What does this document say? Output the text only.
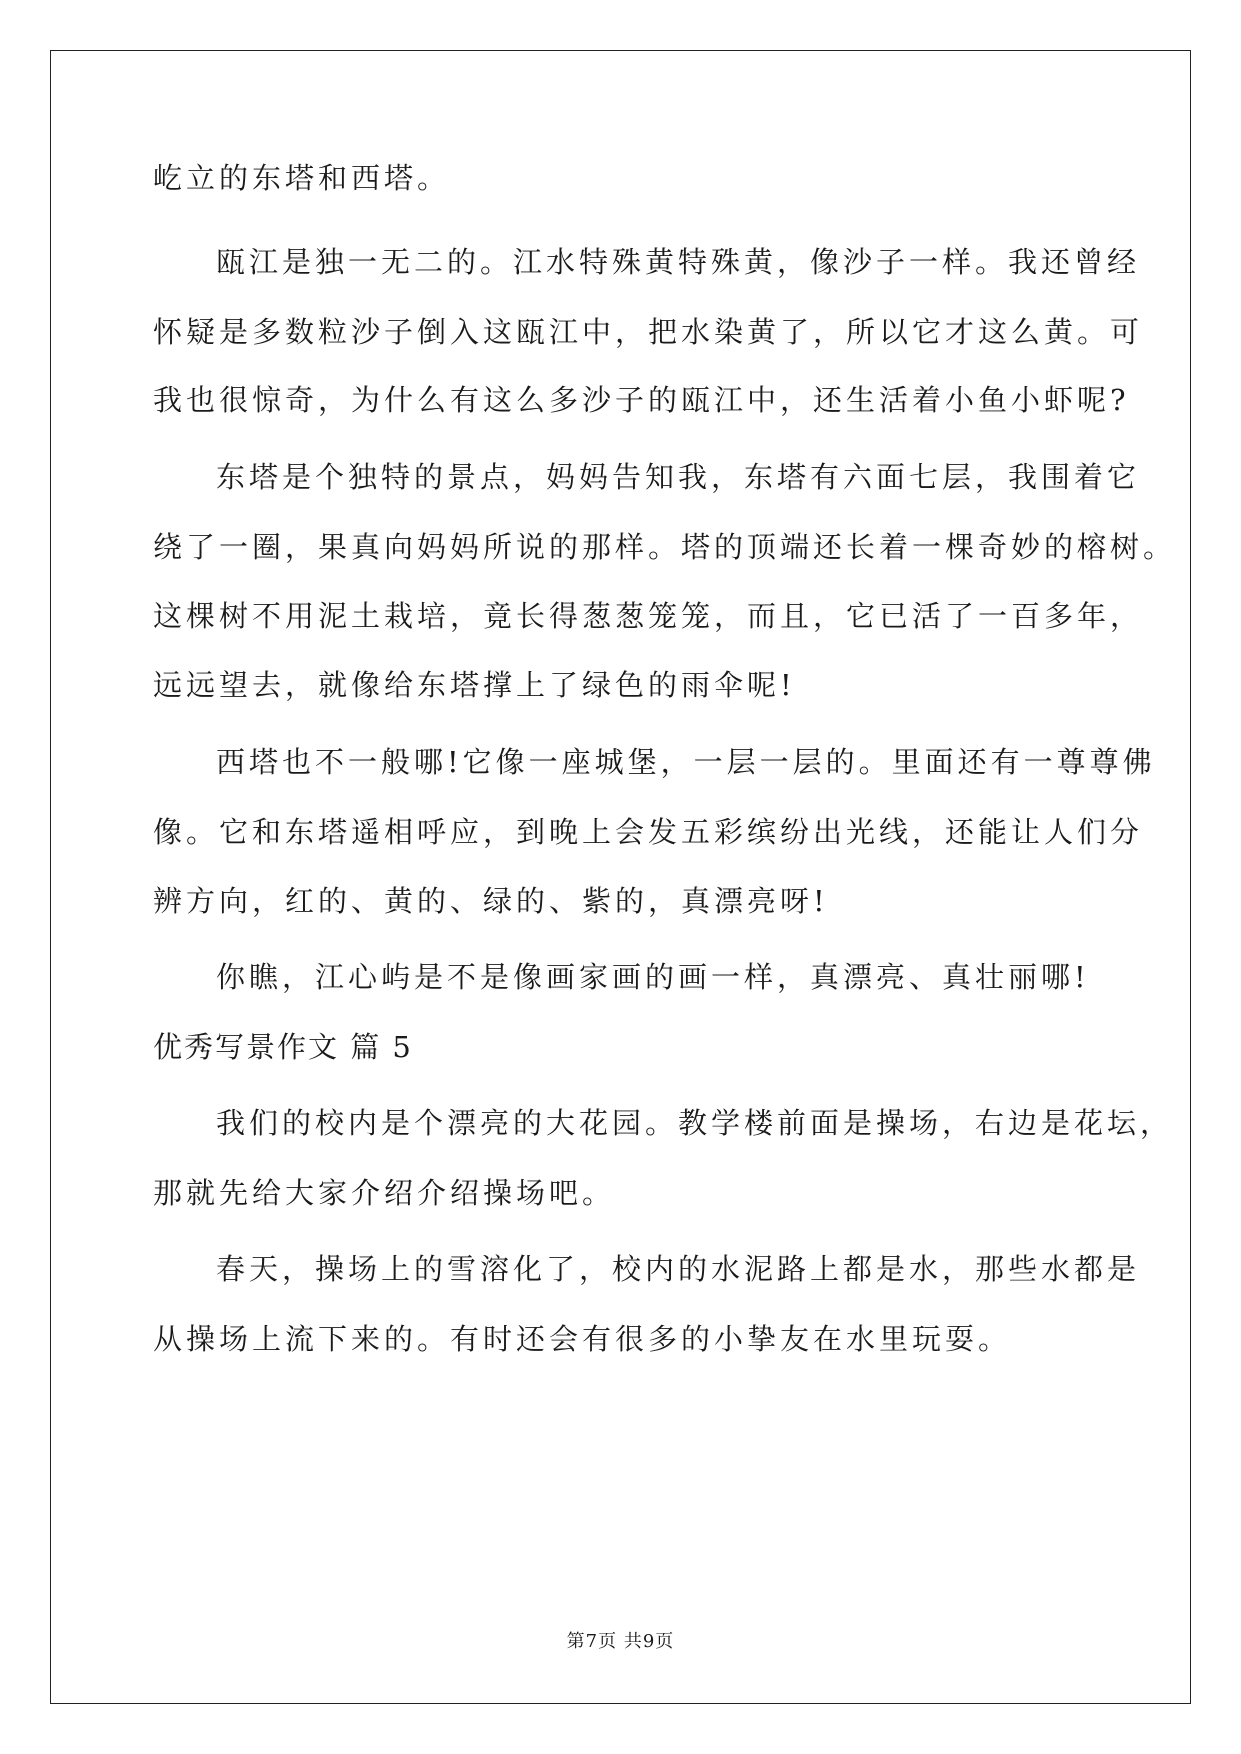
屹立的东塔和西塔。
瓯江是独一无二的。江水特殊黄特殊黄，像沙子一样。我还曾经
怀疑是多数粒沙子倒入这瓯江中，把水染黄了，所以它才这么黄。可
我也很惊奇，为什么有这么多沙子的瓯江中，还生活着小鱼小虾呢?
东塔是个独特的景点，妈妈告知我，东塔有六面七层，我围着它
绕了一圈，果真向妈妈所说的那样。塔的顶端还长着一棵奇妙的榕树。
这棵树不用泥土栽培，竟长得葱葱笼笼，而且，它已活了一百多年，
远远望去，就像给东塔撑上了绿色的雨伞呢!
西塔也不一般哪!它像一座城堡，一层一层的。里面还有一尊尊佛
像。它和东塔遥相呼应，到晚上会发五彩缤纷出光线，还能让人们分
辨方向，红的、黄的、绿的、紫的，真漂亮呀!
你瞧，江心屿是不是像画家画的画一样，真漂亮、真壮丽哪!
优秀写景作文 篇 5
我们的校内是个漂亮的大花园。教学楼前面是操场，右边是花坛，
那就先给大家介绍介绍操场吧。
春天，操场上的雪溶化了，校内的水泥路上都是水，那些水都是
从操场上流下来的。有时还会有很多的小挚友在水里玩耍。
第7页 共9页
